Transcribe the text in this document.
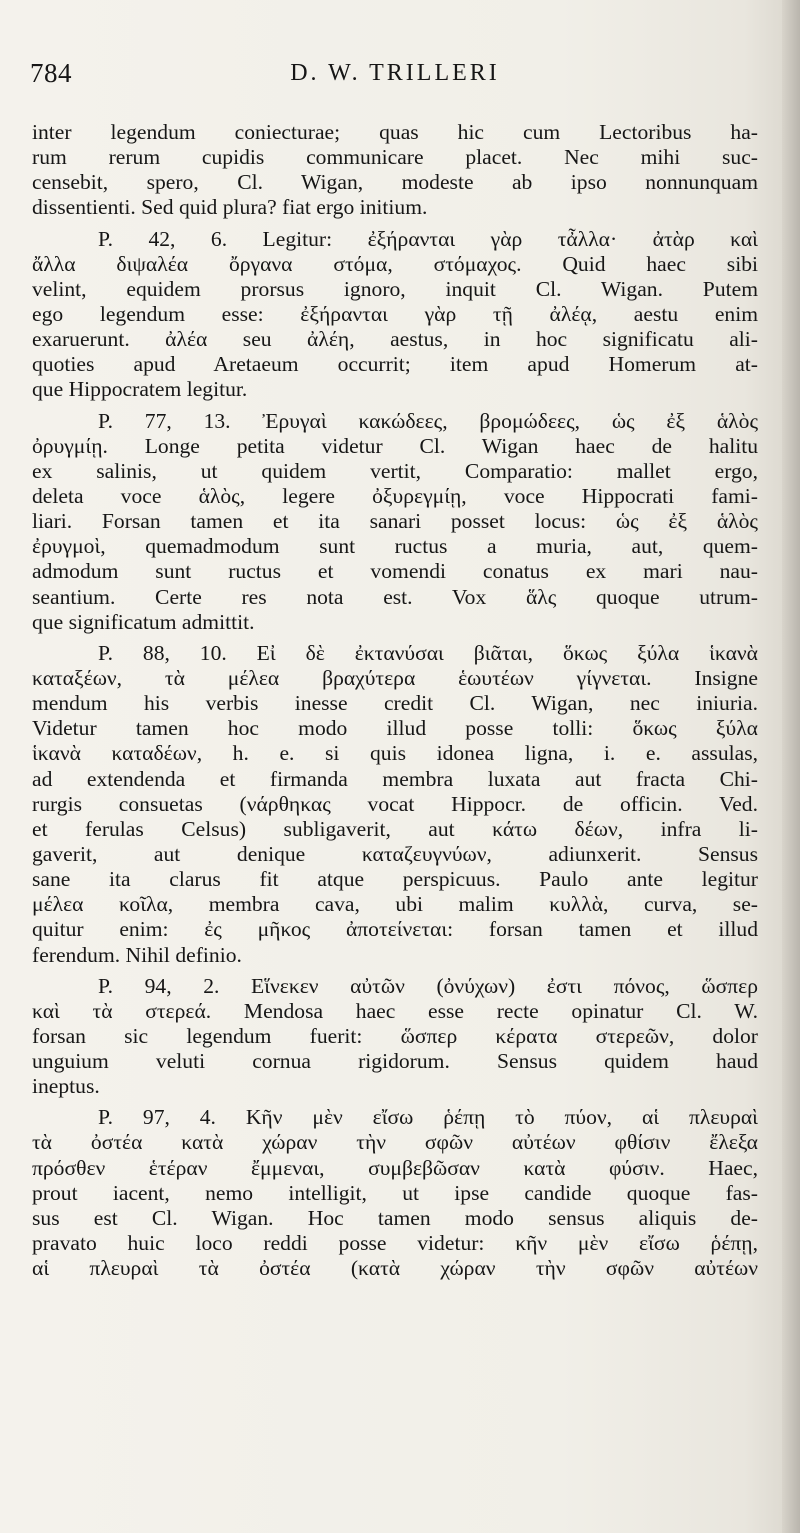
784	D. W. TRILLERI
inter legendum coniecturae; quas hic cum Lectoribus ha-
rum rerum cupidis communicare placet. Nec mihi suc-
censebit, spero, Cl. Wigan, modeste ab ipso nonnunquam
dissentienti. Sed quid plura? fiat ergo initium.
P. 42, 6. Legitur: ἐξήρανται γὰρ τἆλλα· ἀτὰρ καὶ
ἄλλα διψαλέα ὄργανα στόμα, στόμαχος. Quid haec sibi
velint, equidem prorsus ignoro, inquit Cl. Wigan. Putem
ego legendum esse: ἐξήρανται γὰρ τῇ ἀλέᾳ, aestu enim
exaruerunt. ἀλέα seu ἀλέη, aestus, in hoc significatu ali-
quoties apud Aretaeum occurrit; item apud Homerum at-
que Hippocratem legitur.
P. 77, 13. Ἐρυγαὶ κακώδεες, βρομώδεες, ὡς ἐξ ἁλὸς
ὀρυγμίῃ. Longe petita videtur Cl. Wigan haec de halitu
ex salinis, ut quidem vertit, Comparatio: mallet ergo,
deleta voce ἁλὸς, legere ὀξυρεγμίῃ, voce Hippocrati fami-
liari. Forsan tamen et ita sanari posset locus: ὡς ἐξ ἁλὸς
ἐρυγμοὶ, quemadmodum sunt ructus a muria, aut, quem-
admodum sunt ructus et vomendi conatus ex mari nau-
seantium. Certe res nota est. Vox ἅλς quoque utrum-
que significatum admittit.
P. 88, 10. Εἰ δὲ ἐκτανύσαι βιᾶται, ὅκως ξύλα ἱκανὰ
καταξέων, τὰ μέλεα βραχύτερα ἑωυτέων γίγνεται. Insigne
mendum his verbis inesse credit Cl. Wigan, nec iniuria.
Videtur tamen hoc modo illud posse tolli: ὅκως ξύλα
ἱκανὰ καταδέων, h. e. si quis idonea ligna, i. e. assulas,
ad extendenda et firmanda membra luxata aut fracta Chi-
rurgis consuetas (νάρθηκας vocat Hippocr. de officin. Ved.
et ferulas Celsus) subligaverit, aut κάτω δέων, infra li-
gaverit, aut denique καταζευγνύων, adiunxerit. Sensus
sane ita clarus fit atque perspicuus. Paulo ante legitur
μέλεα κοῖλα, membra cava, ubi malim κυλλὰ, curva, se-
quitur enim: ἐς μῆκος ἀποτείνεται: forsan tamen et illud
ferendum. Nihil definio.
P. 94, 2. Εἵνεκεν αὐτῶν (ὀνύχων) ἐστι πόνος, ὥσπερ
καὶ τὰ στερεά. Mendosa haec esse recte opinatur Cl. W.
forsan sic legendum fuerit: ὥσπερ κέρατα στερεῶν, dolor
unguium veluti cornua rigidorum. Sensus quidem haud
ineptus.
P. 97, 4. Κῆν μὲν εἴσω ῥέπῃ τὸ πύον, αἱ πλευραὶ
τὰ ὀστέα κατὰ χώραν τὴν σφῶν αὐτέων φθίσιν ἔλεξα
πρόσθεν ἑτέραν ἔμμεναι, συμβεβῶσαν κατὰ φύσιν. Haec,
prout iacent, nemo intelligit, ut ipse candide quoque fas-
sus est Cl. Wigan. Hoc tamen modo sensus aliquis de-
pravato huic loco reddi posse videtur: κῆν μὲν εἴσω ῥέπῃ,
αἱ πλευραὶ τὰ ὀστέα (κατὰ χώραν τὴν σφῶν αὐτέων
